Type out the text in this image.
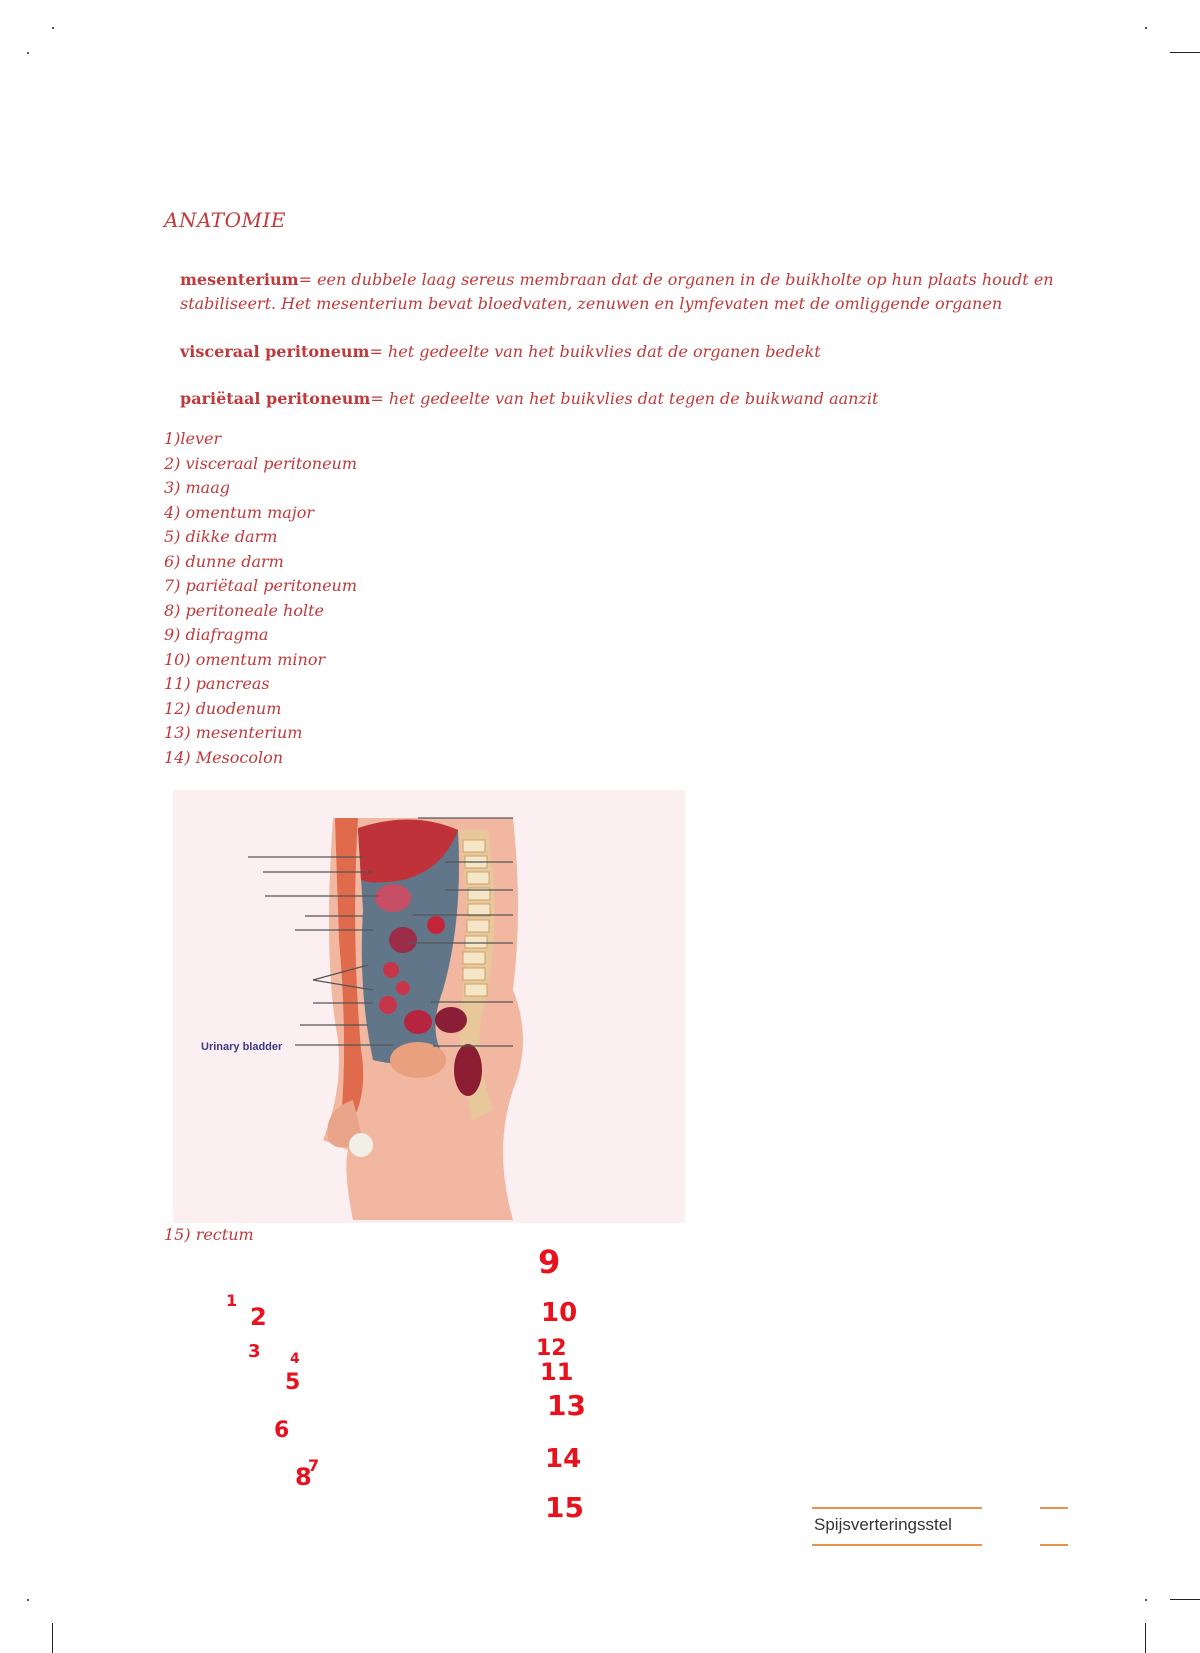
ANATOMIE
mesenterium= een dubbele laag sereus membraan dat de organen in de buikholte op hun plaats houdt en stabiliseert. Het mesenterium bevat bloedvaten, zenuwen en lymfevaten met de omliggende organen
visceraal peritoneum= het gedeelte van het buikvlies dat de organen bedekt
pariëtaal peritoneum= het gedeelte van het buikvlies dat tegen de buikwand aanzit
1)lever
2) visceraal peritoneum
3) maag
4) omentum major
5) dikke darm
6) dunne darm
7) pariëtaal peritoneum
8) peritoneale holte
9) diafragma
10) omentum minor
11) pancreas
12) duodenum
13) mesenterium
14) Mesocolon
Urinary bladder
15) rectum
1
2
3 4
5
6
7
8
9
10
12
11
13
14
15
Spijsverteringsstel
